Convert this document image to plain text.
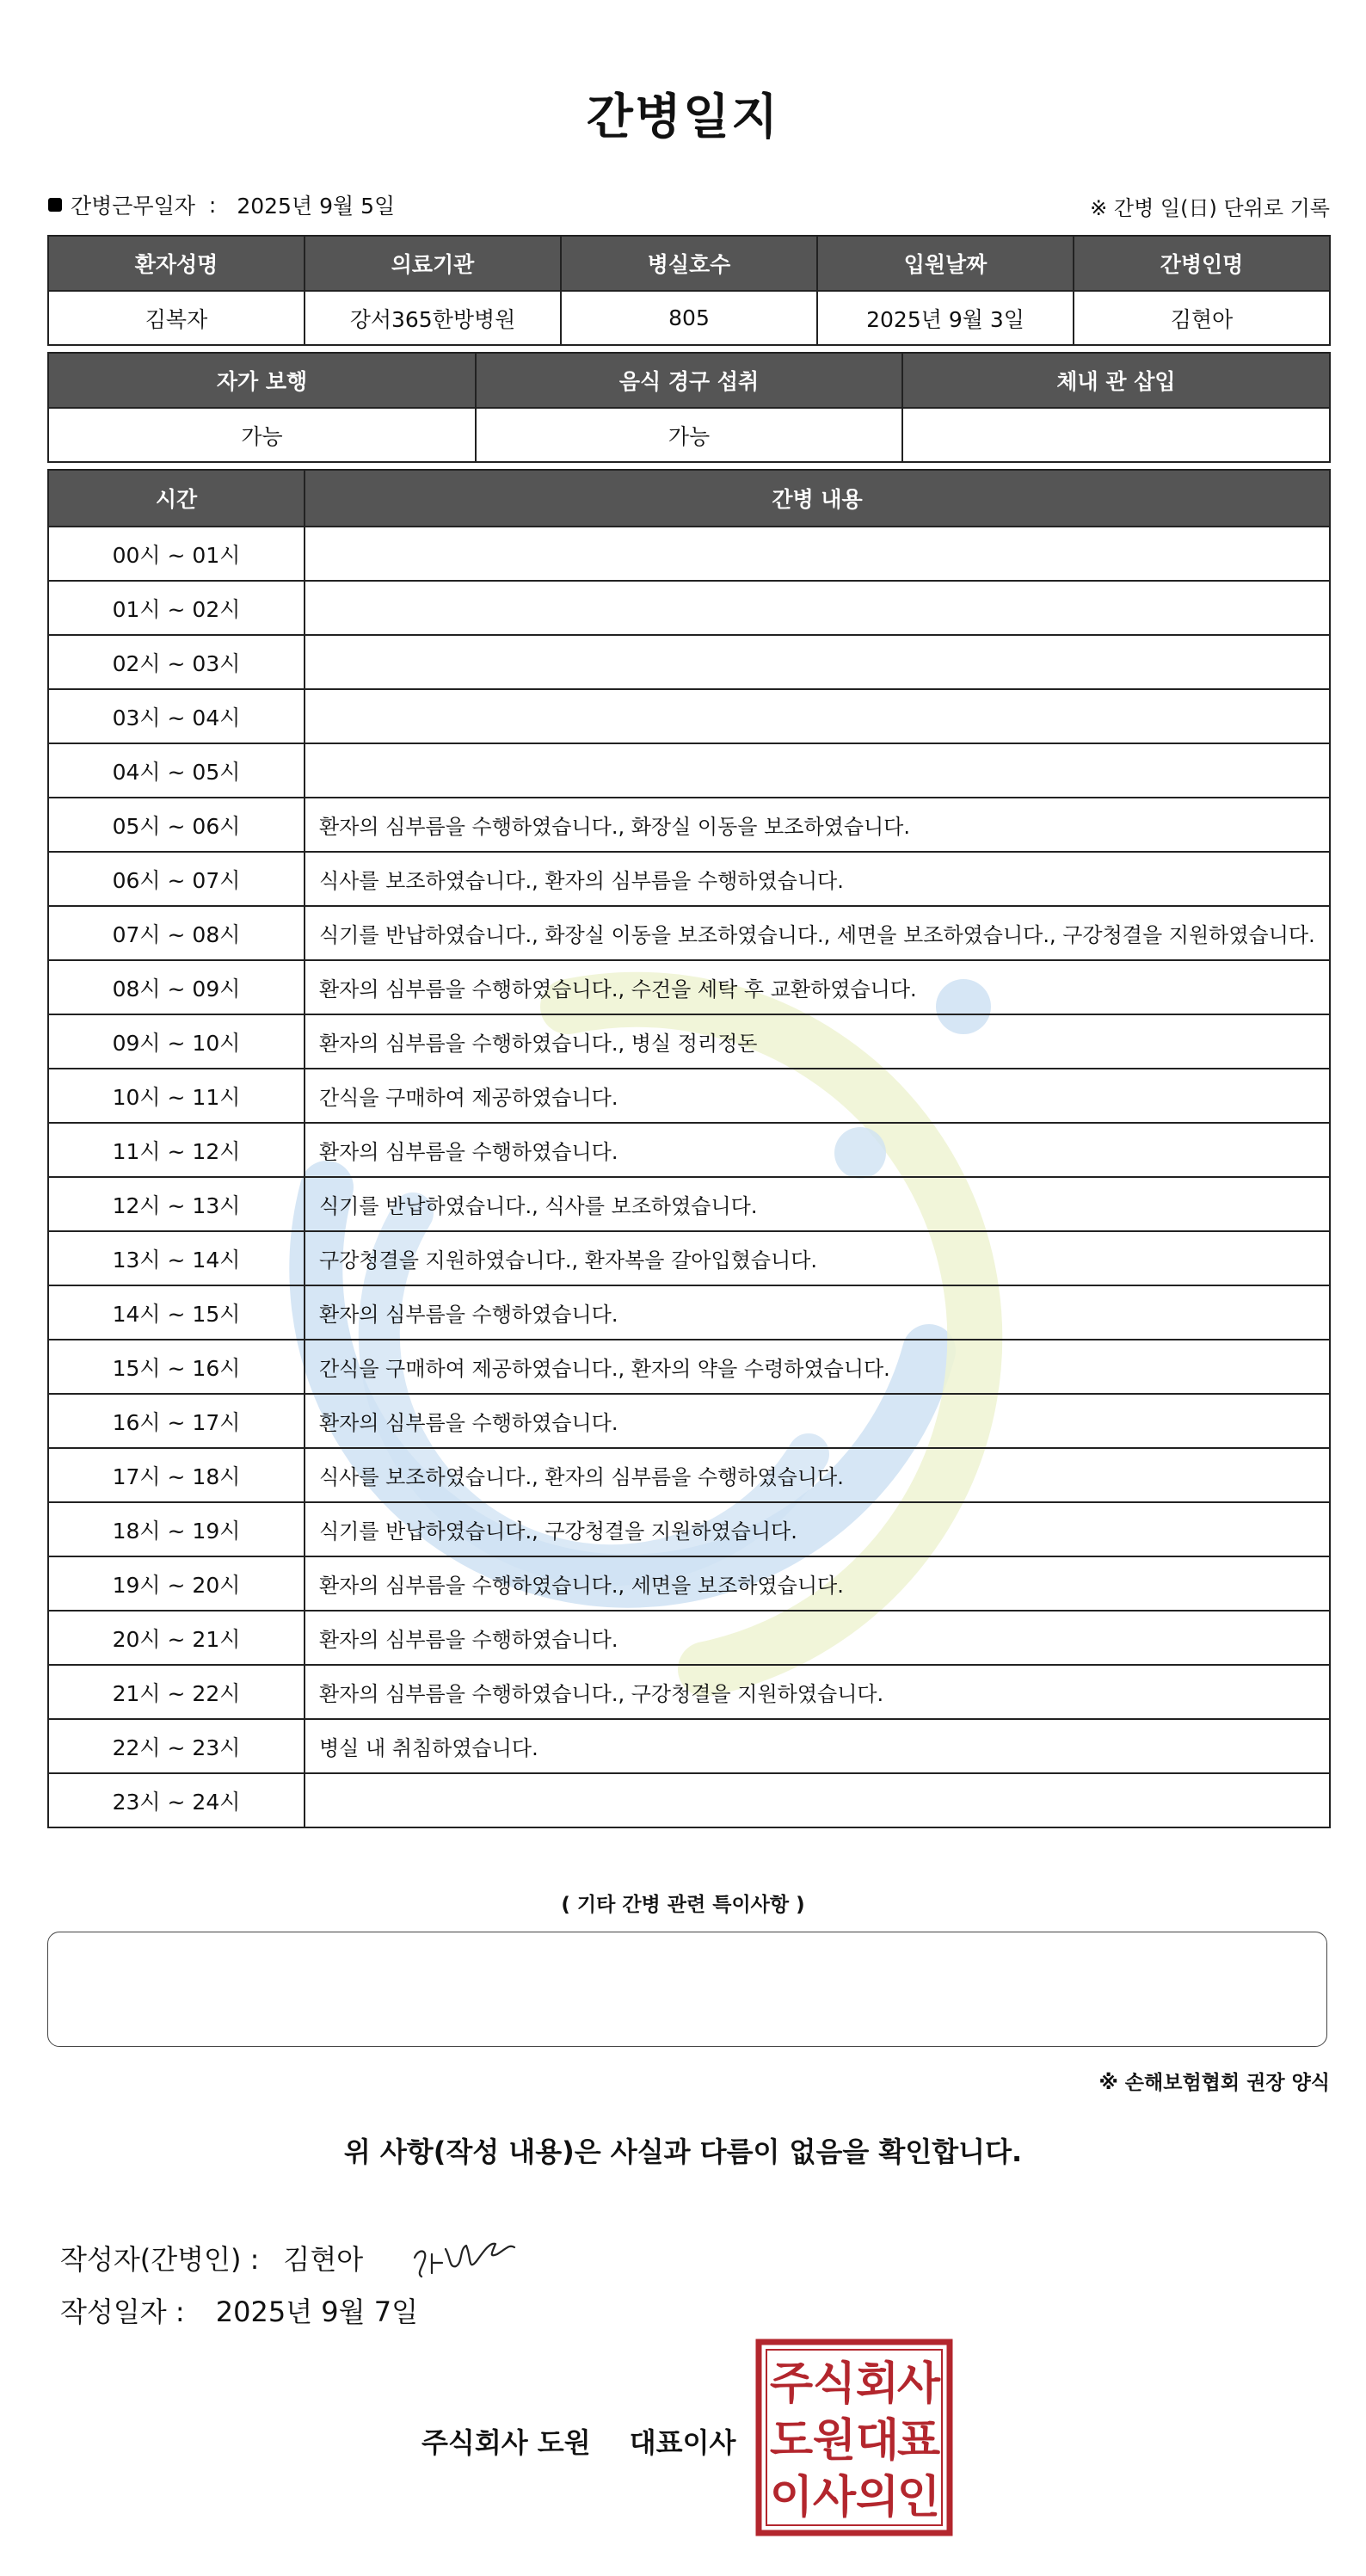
간병일지
간병근무일자 : 2025년 9월 5일	※ 간병 일(日) 단위로 기록
환자성명	의료기관	병실호수	입원날짜	간병인명
김복자	강서365한방병원	805	2025년 9월 3일	김현아
자가 보행	음식 경구 섭취	체내 관 삽입
가능	가능	
시간	간병 내용
00시 ~ 01시	
01시 ~ 02시	
02시 ~ 03시	
03시 ~ 04시	
04시 ~ 05시	
05시 ~ 06시	환자의 심부름을 수행하였습니다., 화장실 이동을 보조하였습니다.
06시 ~ 07시	식사를 보조하였습니다., 환자의 심부름을 수행하였습니다.
07시 ~ 08시	식기를 반납하였습니다., 화장실 이동을 보조하였습니다., 세면을 보조하였습니다., 구강청결을 지원하였습니다.
08시 ~ 09시	환자의 심부름을 수행하였습니다., 수건을 세탁 후 교환하였습니다.
09시 ~ 10시	환자의 심부름을 수행하였습니다., 병실 정리정돈
10시 ~ 11시	간식을 구매하여 제공하였습니다.
11시 ~ 12시	환자의 심부름을 수행하였습니다.
12시 ~ 13시	식기를 반납하였습니다., 식사를 보조하였습니다.
13시 ~ 14시	구강청결을 지원하였습니다., 환자복을 갈아입혔습니다.
14시 ~ 15시	환자의 심부름을 수행하였습니다.
15시 ~ 16시	간식을 구매하여 제공하였습니다., 환자의 약을 수령하였습니다.
16시 ~ 17시	환자의 심부름을 수행하였습니다.
17시 ~ 18시	식사를 보조하였습니다., 환자의 심부름을 수행하였습니다.
18시 ~ 19시	식기를 반납하였습니다., 구강청결을 지원하였습니다.
19시 ~ 20시	환자의 심부름을 수행하였습니다., 세면을 보조하였습니다.
20시 ~ 21시	환자의 심부름을 수행하였습니다.
21시 ~ 22시	환자의 심부름을 수행하였습니다., 구강청결을 지원하였습니다.
22시 ~ 23시	병실 내 취침하였습니다.
23시 ~ 24시	
( 기타 간병 관련 특이사항 )
※ 손해보험협회 권장 양식
위 사항(작성 내용)은 사실과 다름이 없음을 확인합니다.
작성자(간병인) : 김현아
작성일자 : 2025년 9월 7일
주식회사 도원 대표이사
주 식 회
사
도 원 대
표
이 사 의
인
